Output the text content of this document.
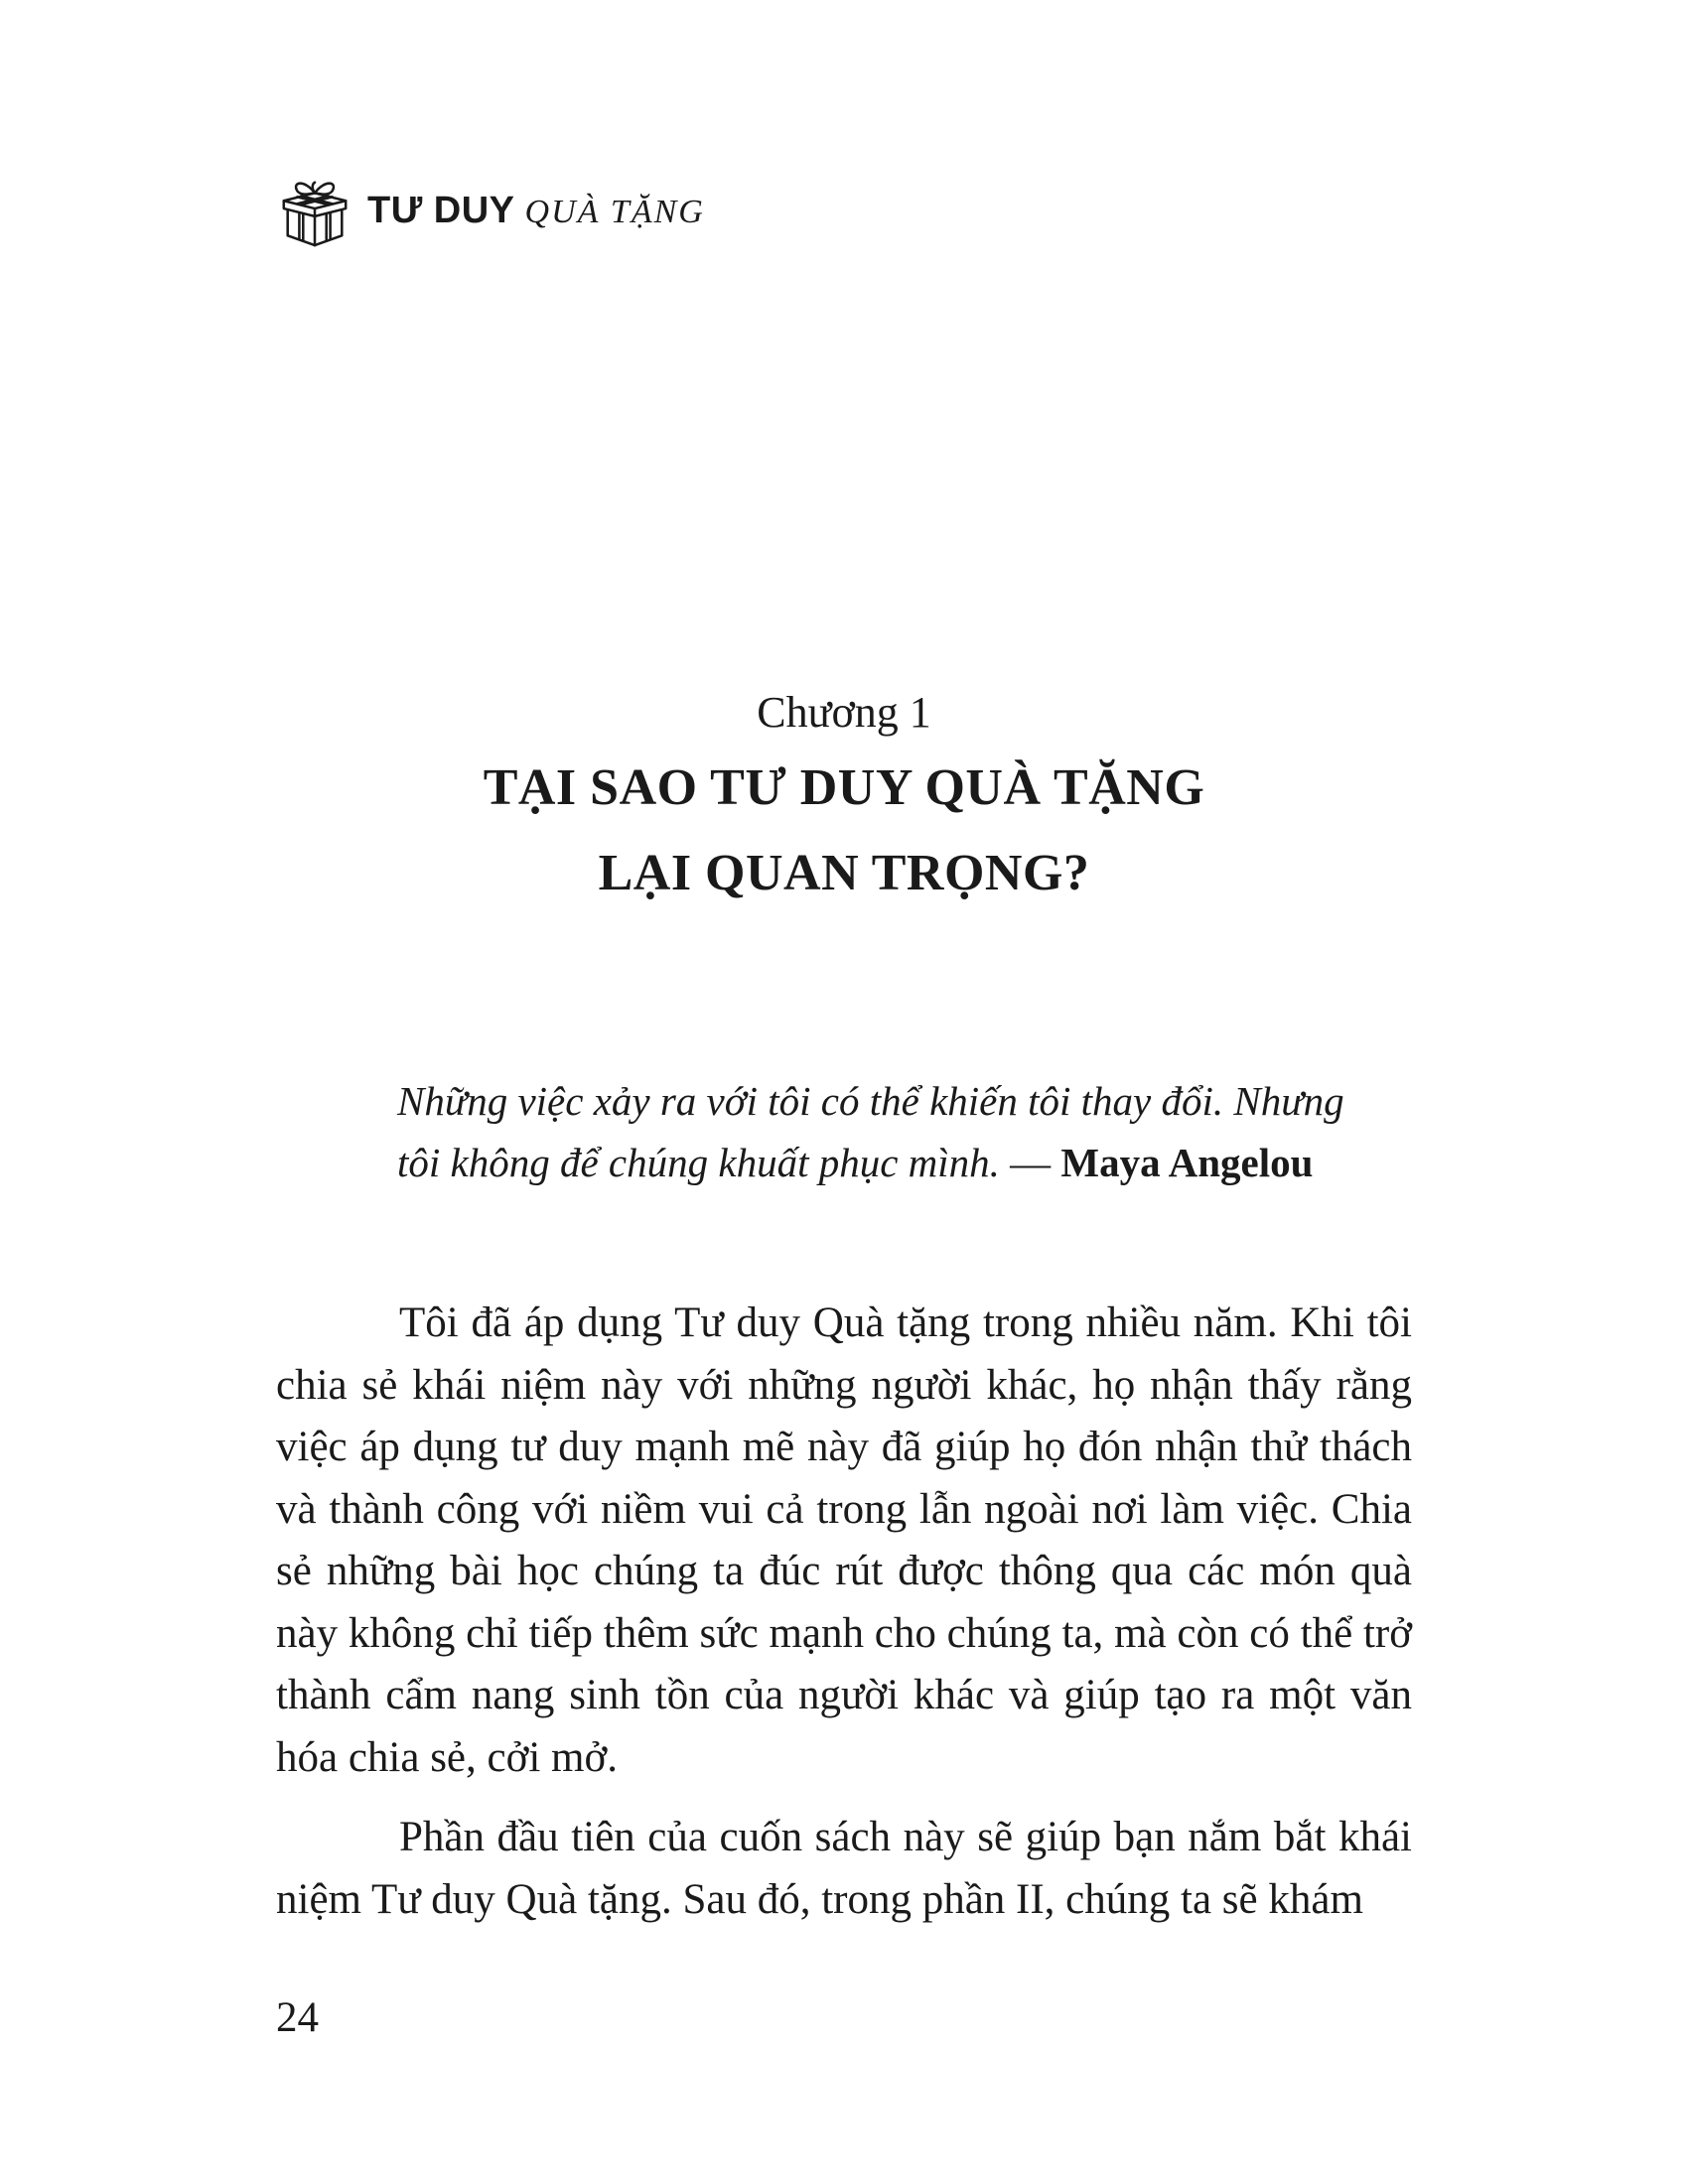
TƯ DUY QUÀ TẶNG
Chương 1
TẠI SAO TƯ DUY QUÀ TẶNG
LẠI QUAN TRỌNG?
Những việc xảy ra với tôi có thể khiến tôi thay đổi. Nhưng
tôi không để chúng khuất phục mình. — Maya Angelou

Tôi đã áp dụng Tư duy Quà tặng trong nhiều năm. Khi tôi chia sẻ khái niệm này với những người khác, họ nhận thấy rằng việc áp dụng tư duy mạnh mẽ này đã giúp họ đón nhận thử thách và thành công với niềm vui cả trong lẫn ngoài nơi làm việc. Chia sẻ những bài học chúng ta đúc rút được thông qua các món quà này không chỉ tiếp thêm sức mạnh cho chúng ta, mà còn có thể trở thành cẩm nang sinh tồn của người khác và giúp tạo ra một văn hóa chia sẻ, cởi mở.

Phần đầu tiên của cuốn sách này sẽ giúp bạn nắm bắt khái niệm Tư duy Quà tặng. Sau đó, trong phần II, chúng ta sẽ khám

24
